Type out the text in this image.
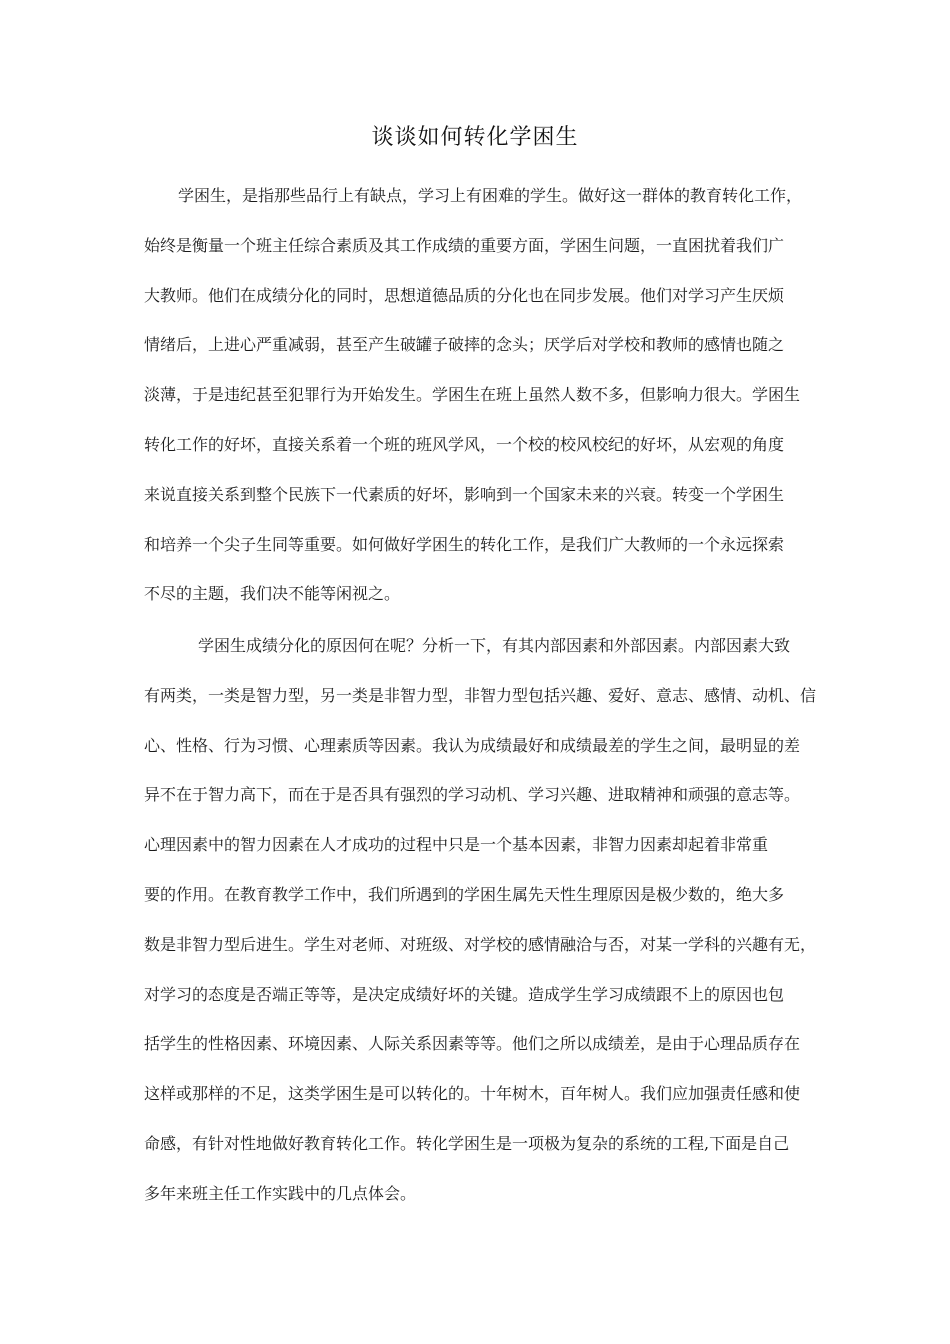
谈谈如何转化学困生
学困生，是指那些品行上有缺点，学习上有困难的学生。做好这一群体的教育转化工作，
始终是衡量一个班主任综合素质及其工作成绩的重要方面，学困生问题，一直困扰着我们广
大教师。他们在成绩分化的同时，思想道德品质的分化也在同步发展。他们对学习产生厌烦
情绪后，上进心严重减弱，甚至产生破罐子破摔的念头；厌学后对学校和教师的感情也随之
淡薄，于是违纪甚至犯罪行为开始发生。学困生在班上虽然人数不多，但影响力很大。学困生
转化工作的好坏，直接关系着一个班的班风学风，一个校的校风校纪的好坏，从宏观的角度
来说直接关系到整个民族下一代素质的好坏，影响到一个国家未来的兴衰。转变一个学困生
和培养一个尖子生同等重要。如何做好学困生的转化工作，是我们广大教师的一个永远探索
不尽的主题，我们决不能等闲视之。
学困生成绩分化的原因何在呢？分析一下，有其内部因素和外部因素。内部因素大致
有两类，一类是智力型，另一类是非智力型，非智力型包括兴趣、爱好、意志、感情、动机、信
心、性格、行为习惯、心理素质等因素。我认为成绩最好和成绩最差的学生之间，最明显的差
异不在于智力高下，而在于是否具有强烈的学习动机、学习兴趣、进取精神和顽强的意志等。
心理因素中的智力因素在人才成功的过程中只是一个基本因素，非智力因素却起着非常重
要的作用。在教育教学工作中，我们所遇到的学困生属先天性生理原因是极少数的，绝大多
数是非智力型后进生。学生对老师、对班级、对学校的感情融洽与否，对某一学科的兴趣有无，
对学习的态度是否端正等等，是决定成绩好坏的关键。造成学生学习成绩跟不上的原因也包
括学生的性格因素、环境因素、人际关系因素等等。他们之所以成绩差，是由于心理品质存在
这样或那样的不足，这类学困生是可以转化的。十年树木，百年树人。我们应加强责任感和使
命感，有针对性地做好教育转化工作。转化学困生是一项极为复杂的系统的工程,下面是自己
多年来班主任工作实践中的几点体会。
